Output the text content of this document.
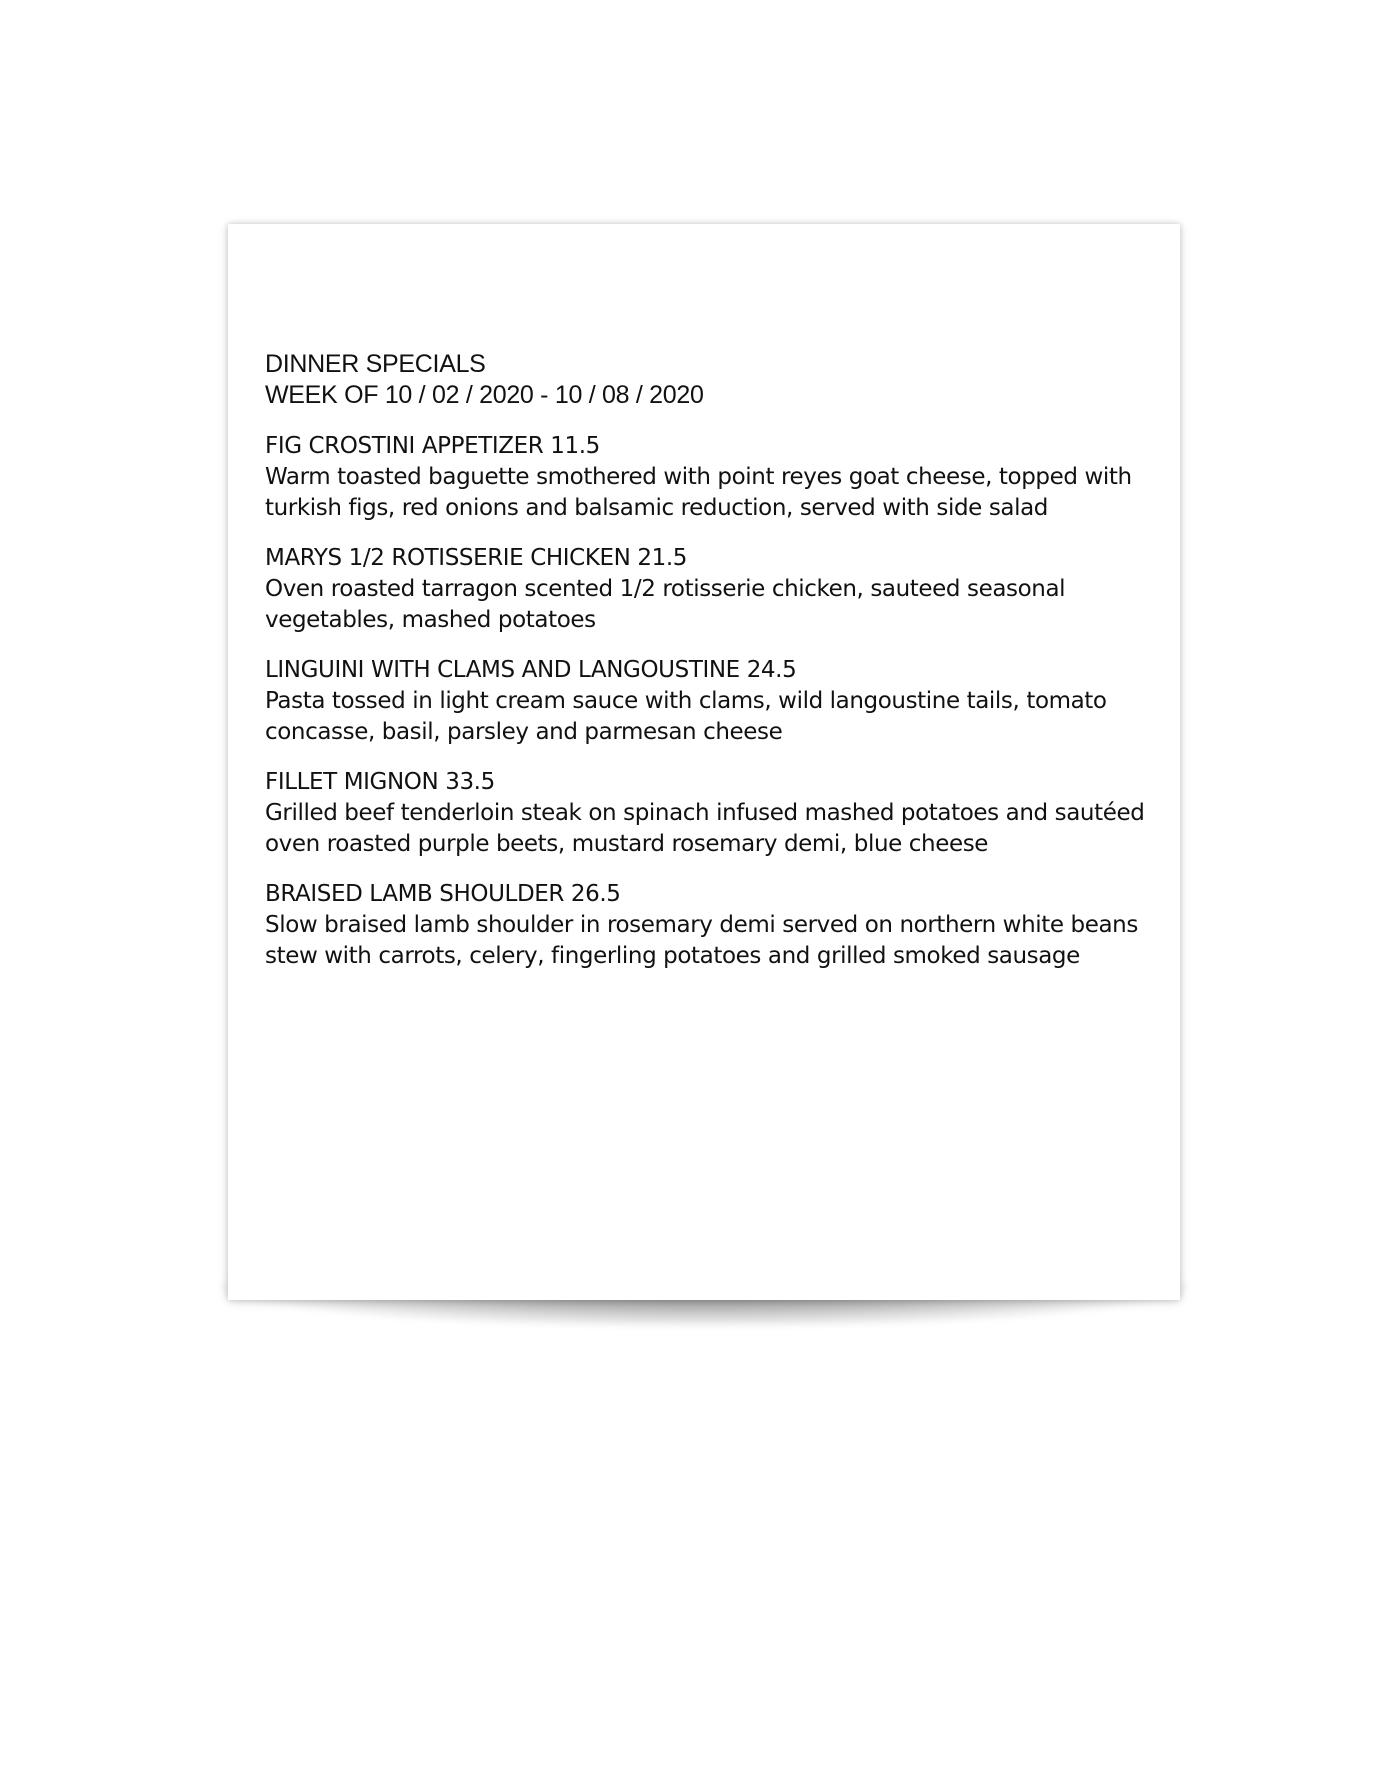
DINNER SPECIALS

WEEK OF 10 / 02 / 2020 - 10 / 08 / 2020

FIG CROSTINI APPETIZER 11.5

Warm toasted baguette smothered with point reyes goat cheese, topped with turkish figs, red onions and balsamic reduction, served with side salad

MARYS 1/2 ROTISSERIE CHICKEN 21.5

Oven roasted tarragon scented 1/2 rotisserie chicken, sauteed seasonal vegetables, mashed potatoes

LINGUINI WITH CLAMS AND LANGOUSTINE 24.5

Pasta tossed in light cream sauce with clams, wild langoustine tails, tomato concasse, basil, parsley and parmesan cheese

FILLET MIGNON 33.5

Grilled beef tenderloin steak on spinach infused mashed potatoes and sautéed oven roasted purple beets, mustard rosemary demi, blue cheese

BRAISED LAMB SHOULDER 26.5

Slow braised lamb shoulder in rosemary demi served on northern white beans stew with carrots, celery, fingerling potatoes and grilled smoked sausage
